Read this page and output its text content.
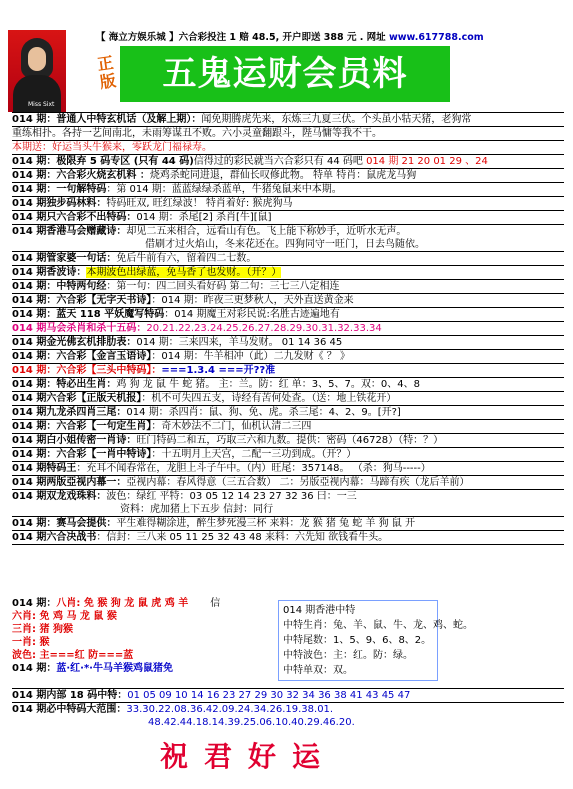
Miss Sixt
【 海立方娱乐城 】六合彩投注 1 赔 48.5, 开户即送 388 元 . 网址 www.617788.com
正版	五鬼运财会员料
014 期：普通人中特玄机话（及解上期）：闻免期腾虎先来，东炼三九夏三伏。个头虽小牯天猪，老狗常
重练相扑。各持一艺间南北，未雨筹谋丑不败。六小灵童翻跟斗，陛马慵等我不干。
本期送：好运当头牛猴来，零跃龙门福禄寿。
014 期：极限弃 5 码专区 (只有 44 码)信得过的彩民就当六合彩只有 44 码吧 014 期 21 20 01 29 、24
014 期：六合彩火烧玄机料 ：烧鸡杀蛇同进退，群仙长叹修此物。 特单 特肖：鼠虎龙马狗
014 期：一句解特码：第 014 期：蓝蓝绿绿杀蓝单，牛猪兔鼠来中本期。
014 期独步码林料：特码旺双, 旺红绿波！ 特肖着好: 猴虎狗马
014 期只六合彩不出特码：014 期：杀尾[2] 杀肖[牛][鼠]
014 期香港马会赠藏诗：却见二五来相合，远看山有色。飞上能下称妙手，近听水无声。
借刷才过火焰山，冬来花还在。四狗同守一旺门，日去鸟随依。
014 期管家婆一句话：免后牛前有六，留着四二七数。
014 期香波诗：本期波色出绿蓝，免马香了也发财。（开？）
014 期：中特两句经：第一句：四二回头看好码 第二句：三七三八定相连
014 期：六合彩【无字天书诗】：014 期：昨夜三更梦秋人，天外直送黄金来
014 期：蓝天 118 平妖魔写特码：014 期魔王对彩民说:名胜古迹遍地有
014 期马会杀肖和杀十五码：20.21.22.23.24.25.26.27.28.29.30.31.32.33.34
014 期金光佛玄机排肋表：014 期：三来四来，羊马发财。 01 14 36 45
014 期：六合彩【金言玉语诗】：014 期：牛羊相冲（此）二九发财《 ？ 》
014 期：六合彩【三头中特码】：===1.3.4 ===开??准
014 期：特必出生肖：鸡 狗 龙 鼠 牛 蛇 猪。 主：兰。防：红 单：3、5、7。双：0、4、8
014 期六合彩【正版天机报】：机不可失四五支，诗经有苦何处查。（送：地上铁花开）
014 期九龙杀四肖三尾：014 期：杀四肖：鼠、狗、免、虎。杀三尾：4、2、9。[开?]
014 期：六合彩【一句定生肖】：奇木妙法不二门，仙机认清二三四
014 期白小姐传密一肖诗：旺门特码二和五，巧取三六和九数。提供：密码（46728）（特：？）
014 期：六合彩【一肖中特诗】：十五明月上天宫，二配一三功到成。（开？）
014 期特码王：充耳不闻春常在，龙胆上斗子午中。（内）旺尾：357148。 （杀：狗马-----）
014 期两版亞视内幕一：亞视内幕：春风得意（三五合数） 二：另版亞视内幕：马蹄有疾（龙后羊前）
014 期双龙戏珠料：波色：绿红 平特：03 05 12 14 23 27 32 36 曰：一三
资料：虎加猪上下五步 信封：同行
014 期：赛马会提供：平生难得糊涂进，醉生梦死漫三杯 来料：龙 猴 猪 兔 蛇 羊 狗 鼠 开
014 期六合决战书：信封：三八来 05 11 25 32 43 48 来料：六先知 欲钱看牛头。
014 期：八肖: 免 猴 狗 龙 鼠 虎 鸡 羊 信
六肖: 免 鸡 马 龙 鼠 猴
三肖: 猪 狗猴
一肖: 猴
波色: 主===红 防===蓝
014 期：蓝·红·*·牛马羊猴鸡鼠猪免
014 期香港中特
中特生肖：兔、羊、鼠、牛、龙、鸡、蛇。
中特尾数：1、5、9、6、8、2。
中特波色：主：红。防：绿。
中特单双：双。
014 期内部 18 码中特：01 05 09 10 14 16 23 27 29 30 32 34 36 38 41 43 45 47
014 期必中特码大范围：33.30.22.08.36.42.09.24.34.26.19.38.01.
48.42.44.18.14.39.25.06.10.40.29.46.20.
祝君好运
